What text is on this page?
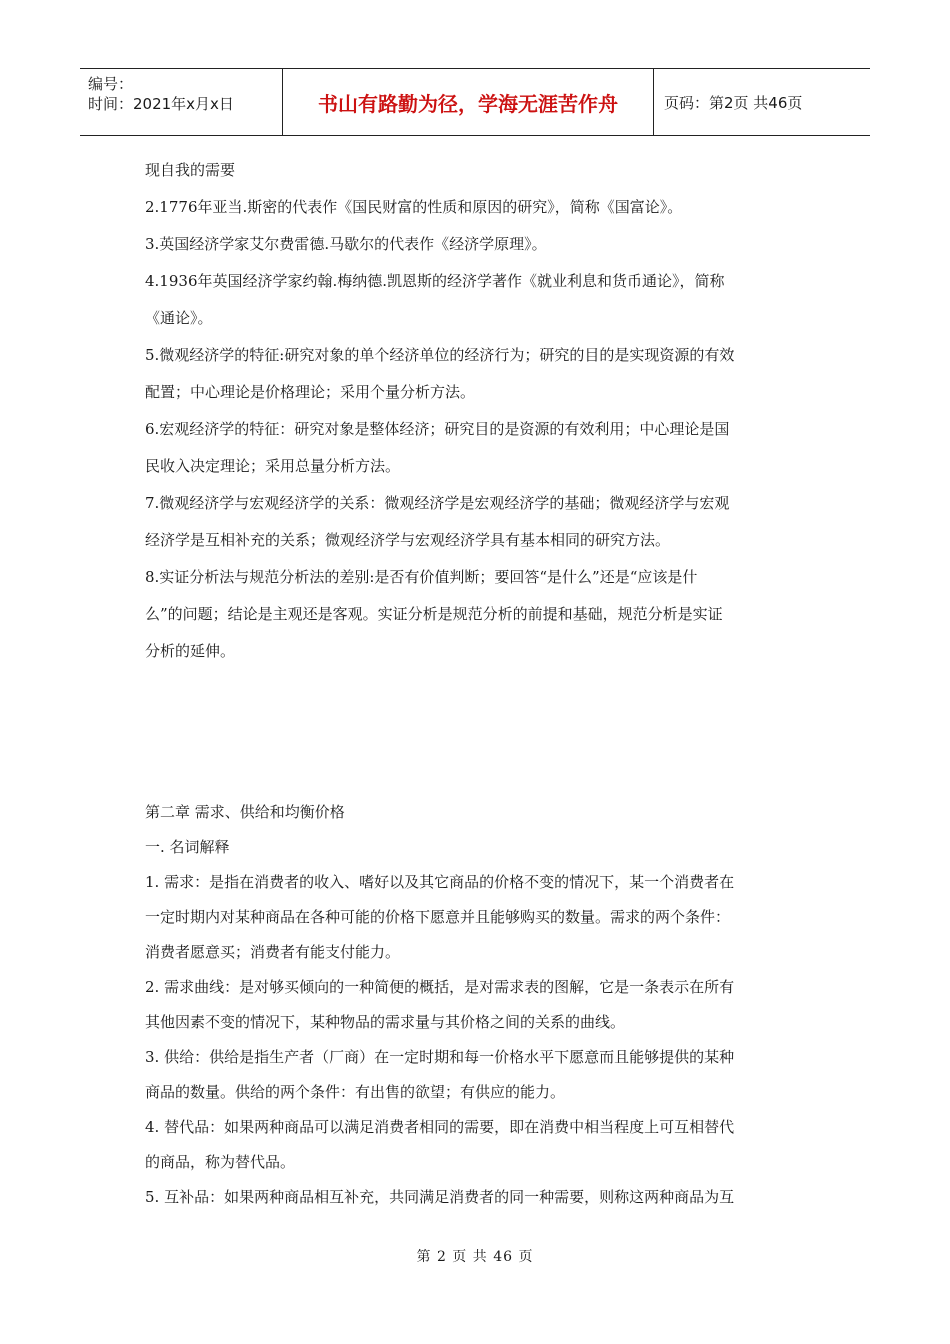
编号：
时间：2021年x月x日	书山有路勤为径，学海无涯苦作舟	页码：第2页 共46页
现自我的需要
2.1776年亚当.斯密的代表作《国民财富的性质和原因的研究》，简称《国富论》。
3.英国经济学家艾尔费雷德.马歇尔的代表作《经济学原理》。
4.1936年英国经济学家约翰.梅纳德.凯恩斯的经济学著作《就业利息和货币通论》，简称
《通论》。
5.微观经济学的特征:研究对象的单个经济单位的经济行为；研究的目的是实现资源的有效
配置；中心理论是价格理论；采用个量分析方法。
6.宏观经济学的特征：研究对象是整体经济；研究目的是资源的有效利用；中心理论是国
民收入决定理论；采用总量分析方法。
7.微观经济学与宏观经济学的关系：微观经济学是宏观经济学的基础；微观经济学与宏观
经济学是互相补充的关系；微观经济学与宏观经济学具有基本相同的研究方法。
8.实证分析法与规范分析法的差别:是否有价值判断；要回答“是什么”还是“应该是什
么”的问题；结论是主观还是客观。实证分析是规范分析的前提和基础，规范分析是实证
分析的延伸。
第二章 需求、供给和均衡价格
一. 名词解释
1. 需求：是指在消费者的收入、嗜好以及其它商品的价格不变的情况下，某一个消费者在
一定时期内对某种商品在各种可能的价格下愿意并且能够购买的数量。需求的两个条件：
消费者愿意买；消费者有能支付能力。
2. 需求曲线：是对够买倾向的一种简便的概括，是对需求表的图解，它是一条表示在所有
其他因素不变的情况下，某种物品的需求量与其价格之间的关系的曲线。
3. 供给：供给是指生产者（厂商）在一定时期和每一价格水平下愿意而且能够提供的某种
商品的数量。供给的两个条件：有出售的欲望；有供应的能力。
4. 替代品：如果两种商品可以满足消费者相同的需要，即在消费中相当程度上可互相替代
的商品，称为替代品。
5. 互补品：如果两种商品相互补充，共同满足消费者的同一种需要，则称这两种商品为互
第 2 页 共 46 页
